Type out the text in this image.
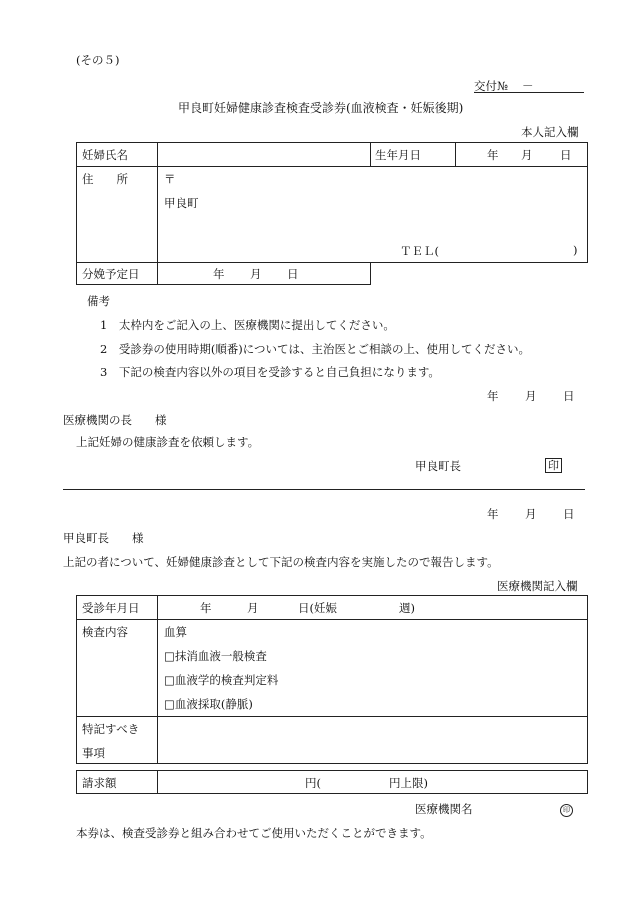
(その５)
交付№ －
甲良町妊婦健康診査検査受診券(血液検査・妊娠後期)
本人記入欄
妊婦氏名	生年月日	年 月 日
住　　所	〒
甲良町
ＴＥＬ(	)
分娩予定日	年 月 日
備考
1　太枠内をご記入の上、医療機関に提出してください。
2　受診券の使用時期(順番)については、主治医とご相談の上、使用してください。
3　下記の検査内容以外の項目を受診すると自己負担になります。
年 月 日
医療機関の長　　様
上記妊婦の健康診査を依頼します。
甲良町長	印
年 月 日
甲良町長　　様
上記の者について、妊婦健康診査として下記の検査内容を実施したので報告します。
医療機関記入欄
受診年月日	年	月	日(妊娠	週)
検査内容	血算
□抹消血液一般検査
□血液学的検査判定料
□血液採取(静脈)
特記すべき
事項
請求額	円(	円上限)
医療機関名	印
本券は、検査受診券と組み合わせてご使用いただくことができます。
